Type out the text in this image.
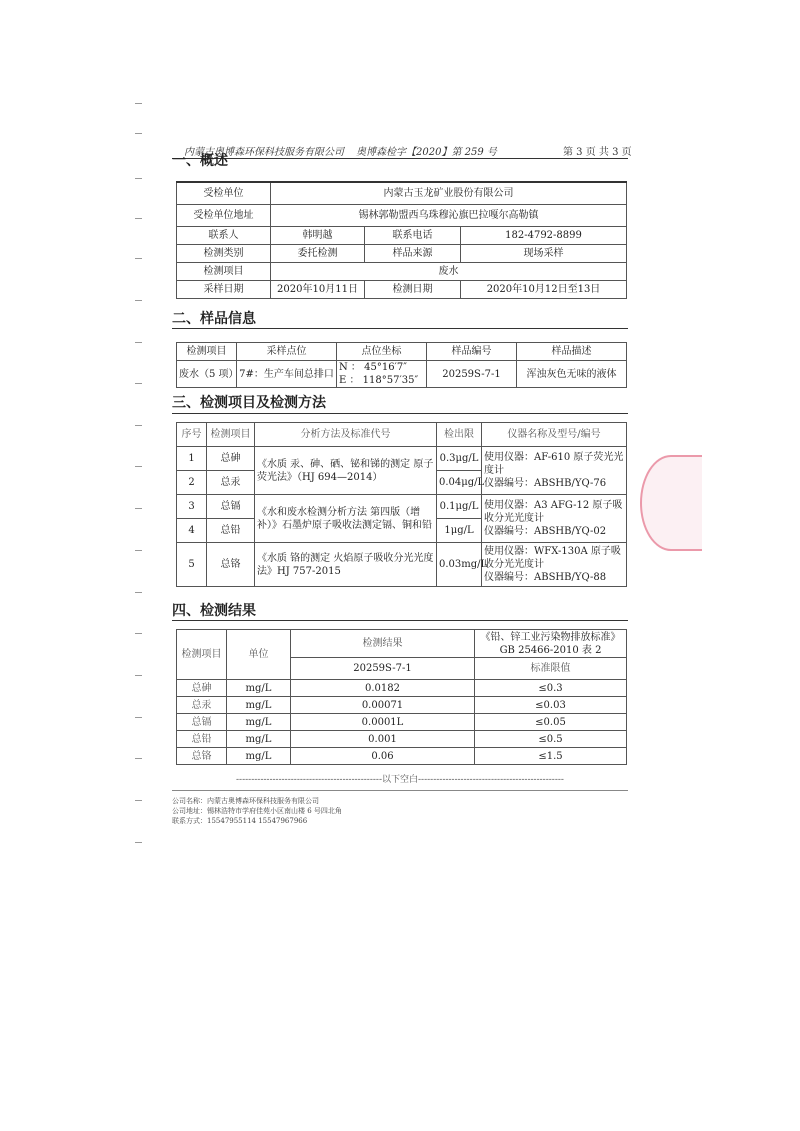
内蒙古奥博森环保科技服务有限公司 奥博森检字【2020】第 259 号	第 3 页 共 3 页
一、概述
受检单位	内蒙古玉龙矿业股份有限公司		
受检单位地址	锡林郭勒盟西乌珠穆沁旗巴拉嘎尔高勒镇		
联系人	韩明越	联系电话	182-4792-8899
检测类别	委托检测	样品来源	现场采样
检测项目	废水		
采样日期	2020年10月11日	检测日期	2020年10月12日至13日
二、样品信息
检测项目	采样点位	点位坐标	样品编号	样品描述
废水（5 项）	7#：生产车间总排口	N ： 45°16′7″
E ： 118°57′35″	20259S-7-1	浑浊灰色无味的液体
三、检测项目及检测方法
序号	检测项目	分析方法及标准代号	检出限	仪器名称及型号/编号
1	总砷	《水质 汞、砷、硒、铋和锑的测定 原子荧光法》（HJ 694—2014）	0.3μg/L	使用仪器：AF-610 原子荧光光度计
仪器编号：ABSHB/YQ-76

2	总汞		0.04μg/L	
3	总镉	《水和废水检测分析方法 第四版（增补）》石墨炉原子吸收法测定镉、铜和铅	0.1μg/L	使用仪器：A3 AFG-12 原子吸收分光光度计
仪器编号：ABSHB/YQ-02

4	总铅		1μg/L	
5	总铬	《水质 铬的测定 火焰原子吸收分光光度法》HJ 757-2015	0.03mg/L	使用仪器：WFX-130A 原子吸收分光光度计
仪器编号：ABSHB/YQ-88
四、检测结果
检测项目	单位	检测结果	《铅、锌工业污染物排放标准》GB 25466-2010 表 2
		20259S-7-1	标准限值
总砷	mg/L	0.0182	≤0.3
总汞	mg/L	0.00071	≤0.03
总镉	mg/L	0.0001L	≤0.05
总铅	mg/L	0.001	≤0.5
总铬	mg/L	0.06	≤1.5
------------------------------------------------以下空白------------------------------------------------
公司名称：内蒙古奥博森环保科技服务有限公司
公司地址：锡林浩特市学府佳苑小区南山楼 6 号四北角
联系方式：15547955114 15547967966
